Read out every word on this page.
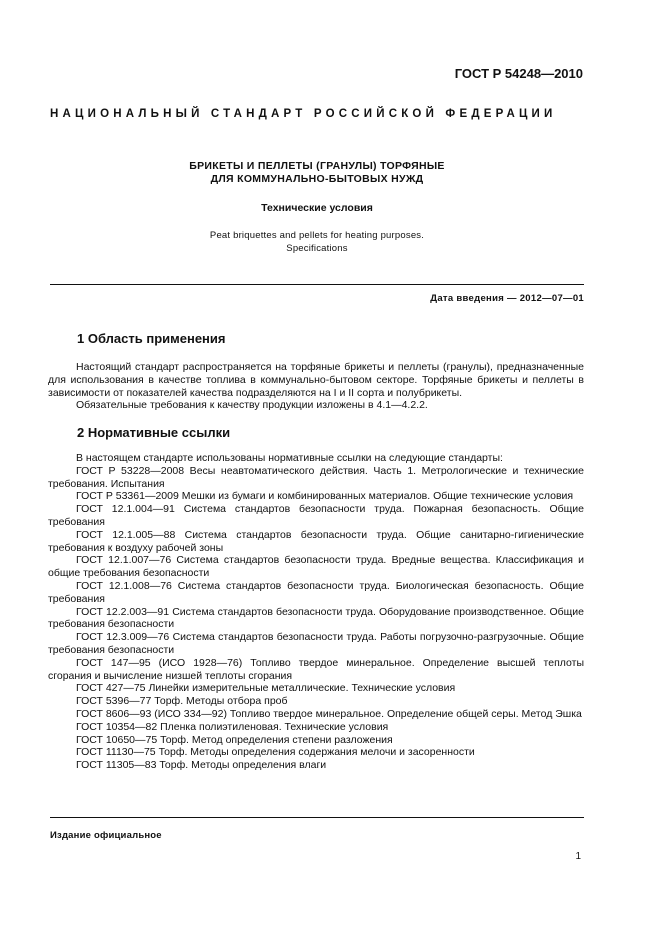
ГОСТ Р 54248—2010
НАЦИОНАЛЬНЫЙ СТАНДАРТ РОССИЙСКОЙ ФЕДЕРАЦИИ
БРИКЕТЫ И ПЕЛЛЕТЫ (ГРАНУЛЫ) ТОРФЯНЫЕ
ДЛЯ КОММУНАЛЬНО-БЫТОВЫХ НУЖД
Технические условия
Peat briquettes and pellets for heating purposes.
Specifications
Дата введения — 2012—07—01
1 Область применения

Настоящий стандарт распространяется на торфяные брикеты и пеллеты (гранулы), предназначенные для использования в качестве топлива в коммунально-бытовом секторе. Торфяные брикеты и пеллеты в зависимости от показателей качества подразделяются на I и II сорта и полубрикеты.

Обязательные требования к качеству продукции изложены в 4.1—4.2.2.

2 Нормативные ссылки

В настоящем стандарте использованы нормативные ссылки на следующие стандарты:

ГОСТ Р 53228—2008 Весы неавтоматического действия. Часть 1. Метрологические и технические требования. Испытания

ГОСТ Р 53361—2009 Мешки из бумаги и комбинированных материалов. Общие технические условия

ГОСТ 12.1.004—91 Система стандартов безопасности труда. Пожарная безопасность. Общие требования

ГОСТ 12.1.005—88 Система стандартов безопасности труда. Общие санитарно-гигиенические требования к воздуху рабочей зоны

ГОСТ 12.1.007—76 Система стандартов безопасности труда. Вредные вещества. Классификация и общие требования безопасности

ГОСТ 12.1.008—76 Система стандартов безопасности труда. Биологическая безопасность. Общие требования

ГОСТ 12.2.003—91 Система стандартов безопасности труда. Оборудование производственное. Общие требования безопасности

ГОСТ 12.3.009—76 Система стандартов безопасности труда. Работы погрузочно-разгрузочные. Общие требования безопасности

ГОСТ 147—95 (ИСО 1928—76) Топливо твердое минеральное. Определение высшей теплоты сгорания и вычисление низшей теплоты сгорания

ГОСТ 427—75 Линейки измерительные металлические. Технические условия

ГОСТ 5396—77 Торф. Методы отбора проб

ГОСТ 8606—93 (ИСО 334—92) Топливо твердое минеральное. Определение общей серы. Метод Эшка

ГОСТ 10354—82 Пленка полиэтиленовая. Технические условия

ГОСТ 10650—75 Торф. Метод определения степени разложения

ГОСТ 11130—75 Торф. Методы определения содержания мелочи и засоренности

ГОСТ 11305—83 Торф. Методы определения влаги

Издание официальное
1
